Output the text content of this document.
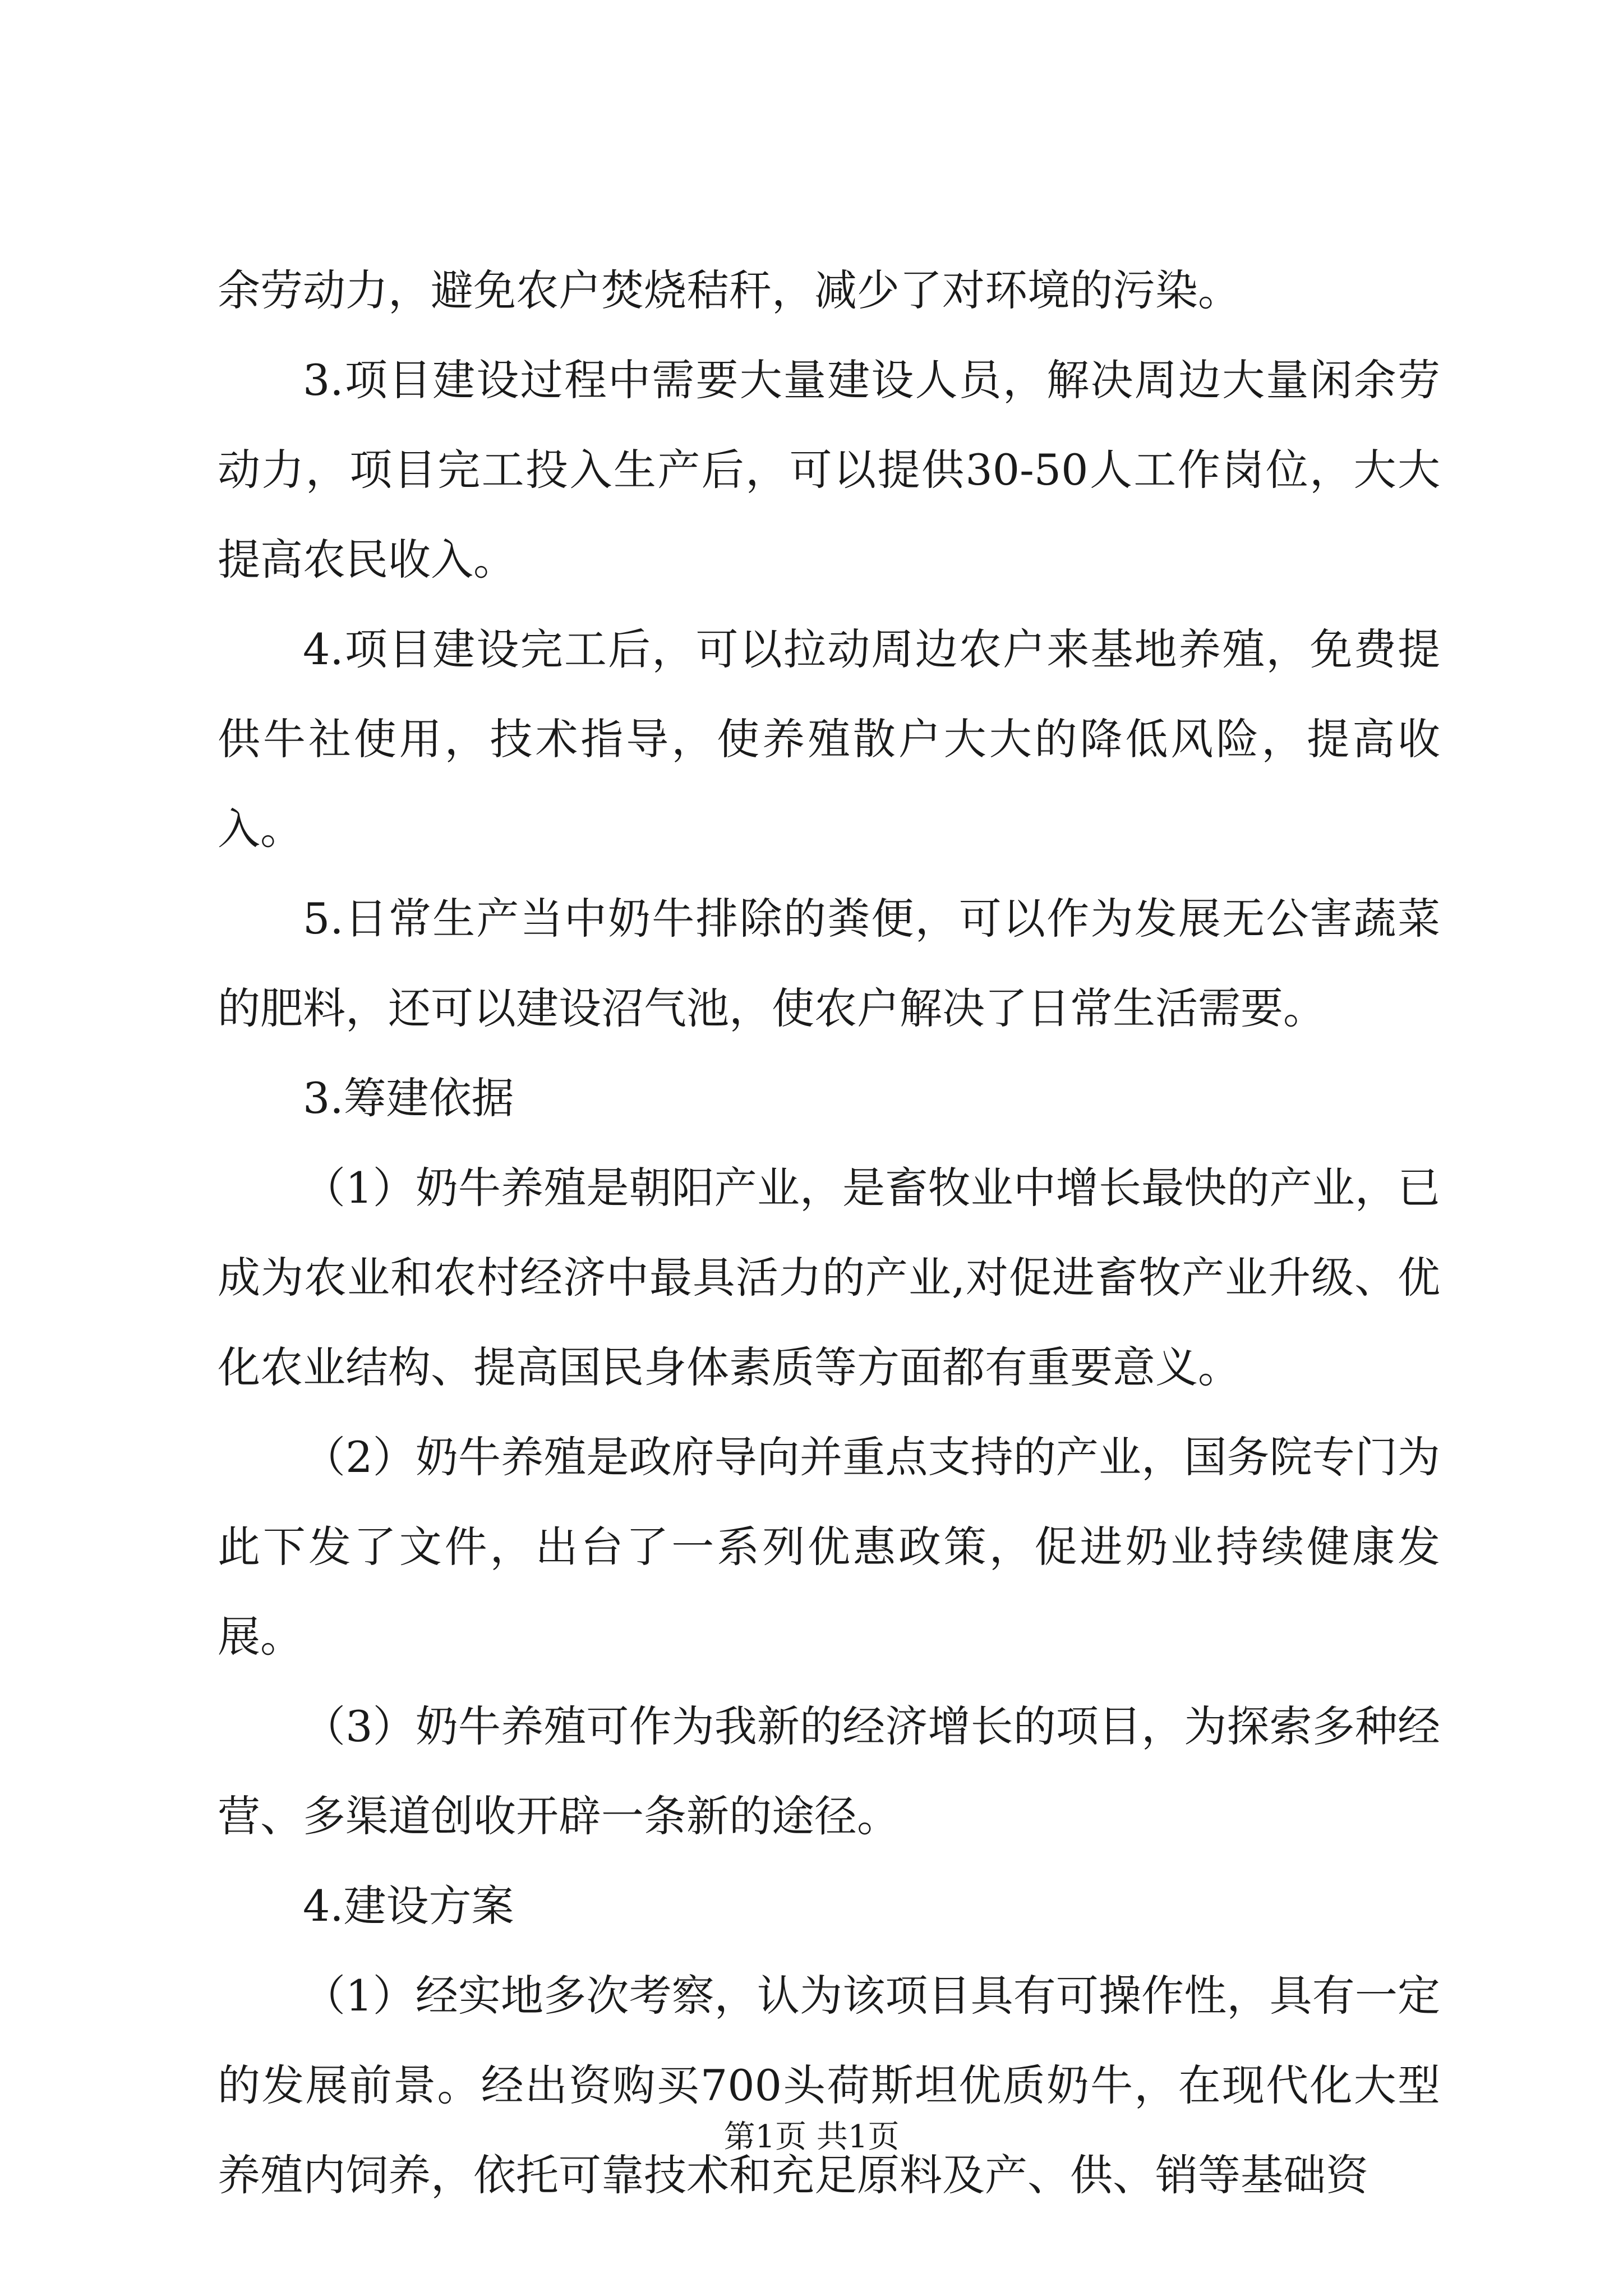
余劳动力，避免农户焚烧秸秆，减少了对环境的污染。

3.项目建设过程中需要大量建设人员，解决周边大量闲余劳动力，项目完工投入生产后，可以提供30-50人工作岗位，大大提高农民收入。

4.项目建设完工后，可以拉动周边农户来基地养殖，免费提供牛社使用，技术指导，使养殖散户大大的降低风险，提高收入。

5.日常生产当中奶牛排除的粪便，可以作为发展无公害蔬菜的肥料，还可以建设沼气池，使农户解决了日常生活需要。

3.筹建依据

（1）奶牛养殖是朝阳产业，是畜牧业中增长最快的产业，已成为农业和农村经济中最具活力的产业,对促进畜牧产业升级、优化农业结构、提高国民身体素质等方面都有重要意义。

（2）奶牛养殖是政府导向并重点支持的产业，国务院专门为此下发了文件，出台了一系列优惠政策，促进奶业持续健康发展。

（3）奶牛养殖可作为我新的经济增长的项目，为探索多种经营、多渠道创收开辟一条新的途径。

4.建设方案

（1）经实地多次考察，认为该项目具有可操作性，具有一定的发展前景。经出资购买700头荷斯坦优质奶牛，在现代化大型养殖内饲养，依托可靠技术和充足原料及产、供、销等基础资

第1页 共1页
